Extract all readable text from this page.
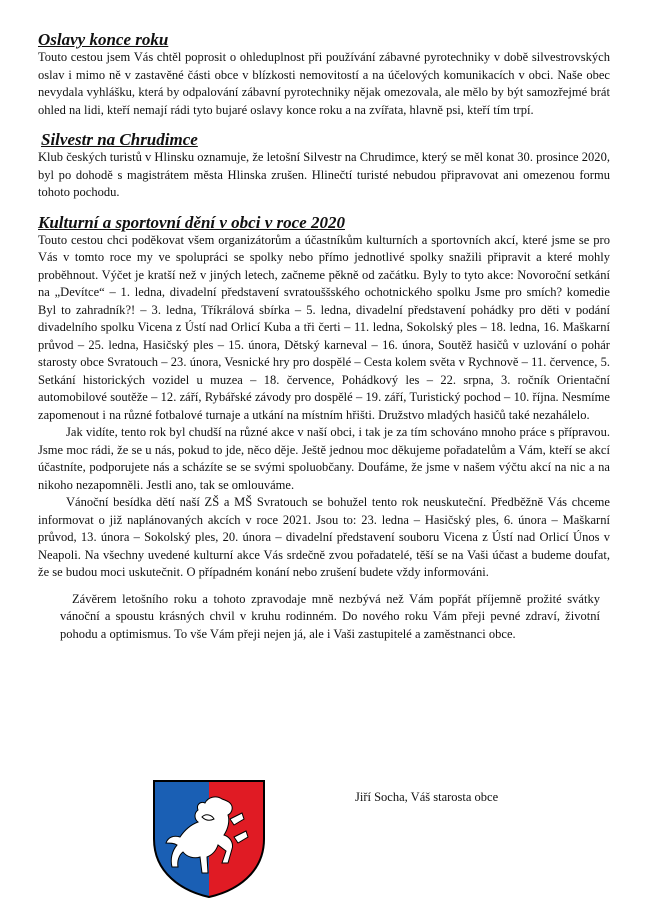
Oslavy konce roku

Touto cestou jsem Vás chtěl poprosit o ohleduplnost při používání zábavné pyrotechniky v době silvestrovských oslav i mimo ně v zastavěné části obce v blízkosti nemovitostí a na účelových komunikacích v obci. Naše obec nevydala vyhlášku, která by odpalování zábavní pyrotechniky nějak omezovala, ale mělo by být samozřejmé brát ohled na lidi, kteří nemají rádi tyto bujaré oslavy konce roku a na zvířata, hlavně psi, kteří tím trpí.

Silvestr na Chrudimce

Klub českých turistů v Hlinsku oznamuje, že letošní Silvestr na Chrudimce, který se měl konat 30. prosince 2020, byl po dohodě s magistrátem města Hlinska zrušen. Hlinečtí turisté nebudou připravovat ani omezenou formu tohoto pochodu.

Kulturní a sportovní dění v obci v roce 2020

Touto cestou chci poděkovat všem organizátorům a účastníkům kulturních a sportovních akcí, které jsme se pro Vás v tomto roce my ve spolupráci se spolky nebo přímo jednotlivé spolky snažili připravit a které mohly proběhnout. Výčet je kratší než v jiných letech, začneme pěkně od začátku. Byly to tyto akce: Novoroční setkání na „Devítce“ – 1. ledna, divadelní představení svratouššského ochotnického spolku Jsme pro smích? komedie Byl to zahradník?! – 3. ledna, Tříkrálová sbírka – 5. ledna, divadelní představení pohádky pro děti v podání divadelního spolku Vicena z Ústí nad Orlicí Kuba a tři čerti – 11. ledna, Sokolský ples – 18. ledna, 16. Maškarní průvod – 25. ledna, Hasičský ples – 15. února, Dětský karneval – 16. února, Soutěž hasičů v uzlování o pohár starosty obce Svratouch – 23. února, Vesnické hry pro dospělé – Cesta kolem světa v Rychnově – 11. července, 5. Setkání historických vozidel u muzea – 18. července, Pohádkový les – 22. srpna, 3. ročník Orientační automobilové soutěže – 12. září, Rybářské závody pro dospělé – 19. září, Turistický pochod – 10. října. Nesmíme zapomenout i na různé fotbalové turnaje a utkání na místním hřišti. Družstvo mladých hasičů také nezahálelo.

Jak vidíte, tento rok byl chudší na různé akce v naší obci, i tak je za tím schováno mnoho práce s přípravou. Jsme moc rádi, že se u nás, pokud to jde, něco děje. Ještě jednou moc děkujeme pořadatelům a Vám, kteří se akcí účastníte, podporujete nás a scházíte se se svými spoluobčany. Doufáme, že jsme v našem výčtu akcí na nic a na nikoho nezapomněli. Jestli ano, tak se omlouváme.

Vánoční besídka dětí naší ZŠ a MŠ Svratouch se bohužel tento rok neuskuteční. Předběžně Vás chceme informovat o již naplánovaných akcích v roce 2021. Jsou to: 23. ledna – Hasičský ples, 6. února – Maškarní průvod, 13. února – Sokolský ples, 20. února – divadelní představení souboru Vicena z Ústí nad Orlicí Únos v Neapoli. Na všechny uvedené kulturní akce Vás srdečně zvou pořadatelé, těší se na Vaši účast a budeme doufat, že se budou moci uskutečnit. O případném konání nebo zrušení budete vždy informováni.

Závěrem letošního roku a tohoto zpravodaje mně nezbývá než Vám popřát příjemně prožité svátky vánoční a spoustu krásných chvil v kruhu rodinném. Do nového roku Vám přeji pevné zdraví, životní pohodu a optimismus. To vše Vám přeji nejen já, ale i Vaši zastupitelé a zaměstnanci obce.

Jiří Socha, Váš starosta obce
